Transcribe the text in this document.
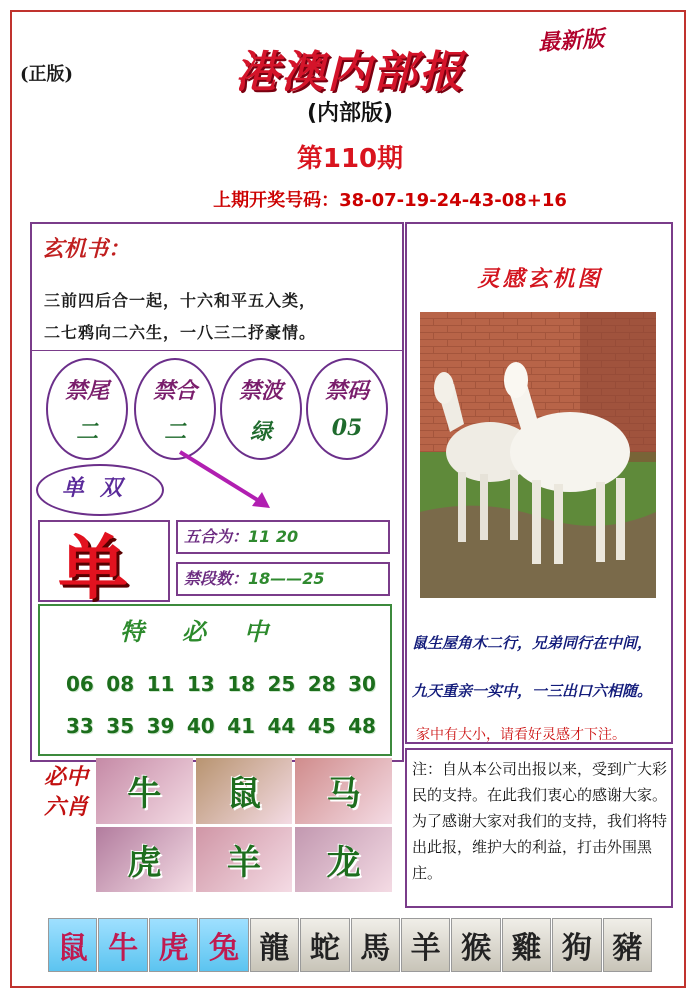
(正版)
最新版
港澳内部报
(内部版)
第110期
上期开奖号码：38-07-19-24-43-08+16
玄机书：
三前四后合一起，十六和平五入类，
二七鸦向二六生，一八三二抒豪情。
禁尾
二
禁合
二
禁波
绿
禁码
05
单双
单	五合为：11 20
禁段数：18——25
特必中
06 08 11 13 18 25 28 30
33 35 39 40 41 44 45 48
必中六肖	牛	鼠	马
虎	羊	龙
灵感玄机图
鼠生屋角木二行，兄弟同行在中间，
九天重亲一实中，一三出口六相随。
家中有大小，请看好灵感才下注。
注：自从本公司出报以来，受到广大彩民的支持。在此我们衷心的感谢大家。为了感谢大家对我们的支持，我们将特出此报，维护大的利益，打击外围黑庄。
鼠 牛 虎 兔 龍 蛇 馬 羊 猴 雞 狗 豬
